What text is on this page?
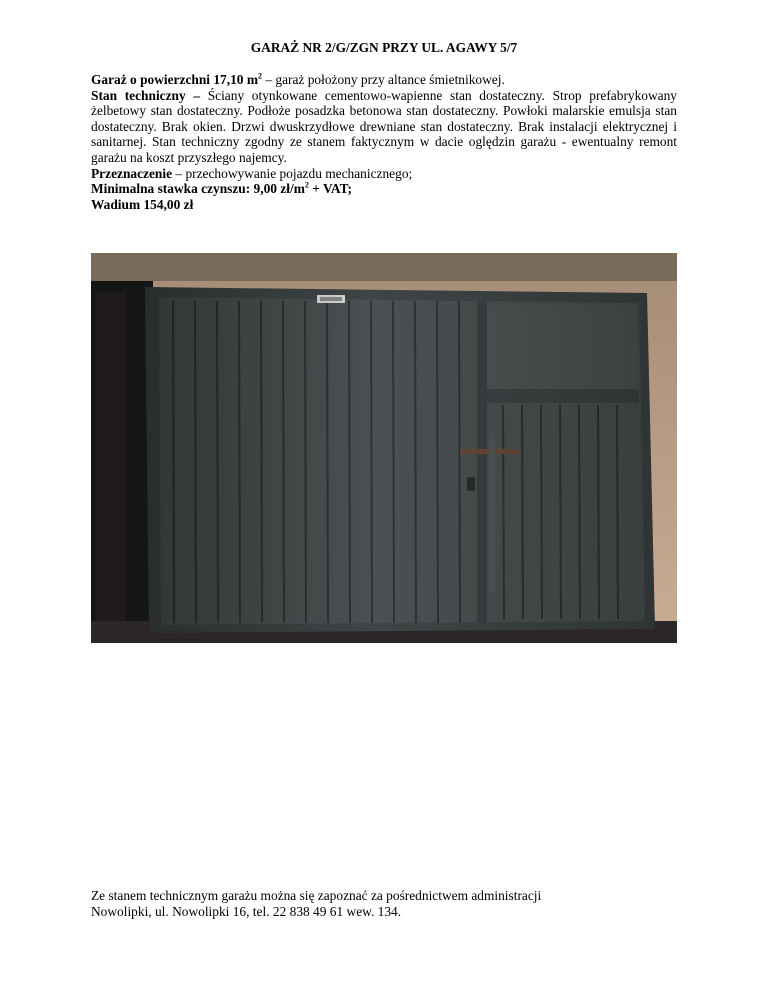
GARAŻ NR 2/G/ZGN PRZY UL. AGAWY 5/7

Garaż o powierzchni 17,10 $m^2$ – garaż położony przy altance śmietnikowej.

Stan techniczny – Ściany otynkowane cementowo-wapienne stan dostateczny. Strop prefabrykowany żelbetowy stan dostateczny. Podłoże posadzka betonowa stan dostateczny. Powłoki malarskie emulsja stan dostateczny. Brak okien. Drzwi dwuskrzydłowe drewniane stan dostateczny. Brak instalacji elektrycznej i sanitarnej. Stan techniczny zgodny ze stanem faktycznym w dacie oględzin garażu - ewentualny remont garażu na koszt przyszłego najemcy.

Przeznaczenie – przechowywanie pojazdu mechanicznego;

Minimalna stawka czynszu: 9,00 $zł/m^2$ + VAT;

Wadium 154,00 zł

Ze stanem technicznym garażu można się zapoznać za pośrednictwem administracji

Nowolipki, ul. Nowolipki 16, tel. 22 838 49 61 wew. 134.
